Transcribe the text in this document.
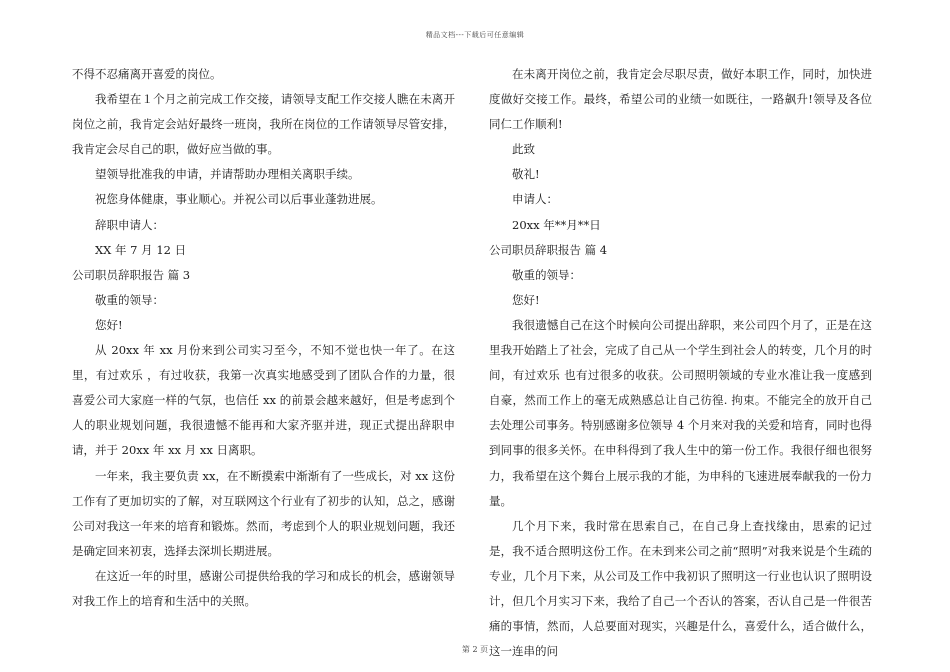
精品文档---下载后可任意编辑

不得不忍痛离开喜爱的岗位。

我希望在１个月之前完成工作交接，请领导支配工作交接人瞧在未离开岗位之前，我肯定会站好最终一班岗，我所在岗位的工作请领导尽管安排，我肯定会尽自己的职，做好应当做的事。

望领导批准我的申请，并请帮助办理相关离职手续。

祝您身体健康，事业顺心。并祝公司以后事业蓬勃进展。

辞职申请人：

XX 年 7 月 12 日

公司职员辞职报告 篇 3

敬重的领导：

您好!

从 20xx 年 xx 月份来到公司实习至今，不知不觉也快一年了。在这里，有过欢乐 ，有过收获，我第一次真实地感受到了团队合作的力量，很喜爱公司大家庭一样的气氛，也信任 xx 的前景会越来越好，但是考虑到个人的职业规划问题，我很遗憾不能再和大家齐驱并进，现正式提出辞职申请，并于 20xx 年 xx 月 xx 日离职。

一年来，我主要负责 xx，在不断摸索中渐渐有了一些成长，对 xx 这份工作有了更加切实的了解，对互联网这个行业有了初步的认知，总之，感谢公司对我这一年来的培育和锻炼。然而，考虑到个人的职业规划问题，我还是确定回来初衷，选择去深圳长期进展。

在这近一年的时里，感谢公司提供给我的学习和成长的机会，感谢领导对我工作上的培育和生活中的关照。

在未离开岗位之前，我肯定会尽职尽责，做好本职工作，同时，加快进度做好交接工作。最终，希望公司的业绩一如既往，一路飙升!领导及各位同仁工作顺利!

此致

敬礼!

申请人：

20xx 年**月**日

公司职员辞职报告 篇 4

敬重的领导：

您好!

我很遗憾自己在这个时候向公司提出辞职，来公司四个月了，正是在这里我开始踏上了社会，完成了自己从一个学生到社会人的转变，几个月的时间，有过欢乐 也有过很多的收获。公司照明领域的专业水准让我一度感到自豪，然而工作上的毫无成熟感总让自己彷徨. 拘束。不能完全的放开自己去处理公司事务。特别感谢多位领导 4 个月来对我的关爱和培育，同时也得到同事的很多关怀。在申科得到了我人生中的第一份工作。我很仔细也很努力，我希望在这个舞台上展示我的才能，为申科的飞速进展奉献我的一份力量。

几个月下来，我时常在思索自己，在自己身上查找缘由，思索的记过是，我不适合照明这份工作。在未到来公司之前“照明”对我来说是个生疏的专业，几个月下来，从公司及工作中我初识了照明这一行业也认识了照明设计，但几个月实习下来，我给了自己一个否认的答案，否认自己是一件很苦痛的事情，然而，人总要面对现实，兴趣是什么，喜爱什么，适合做什么，这一连串的问

第 2 页
